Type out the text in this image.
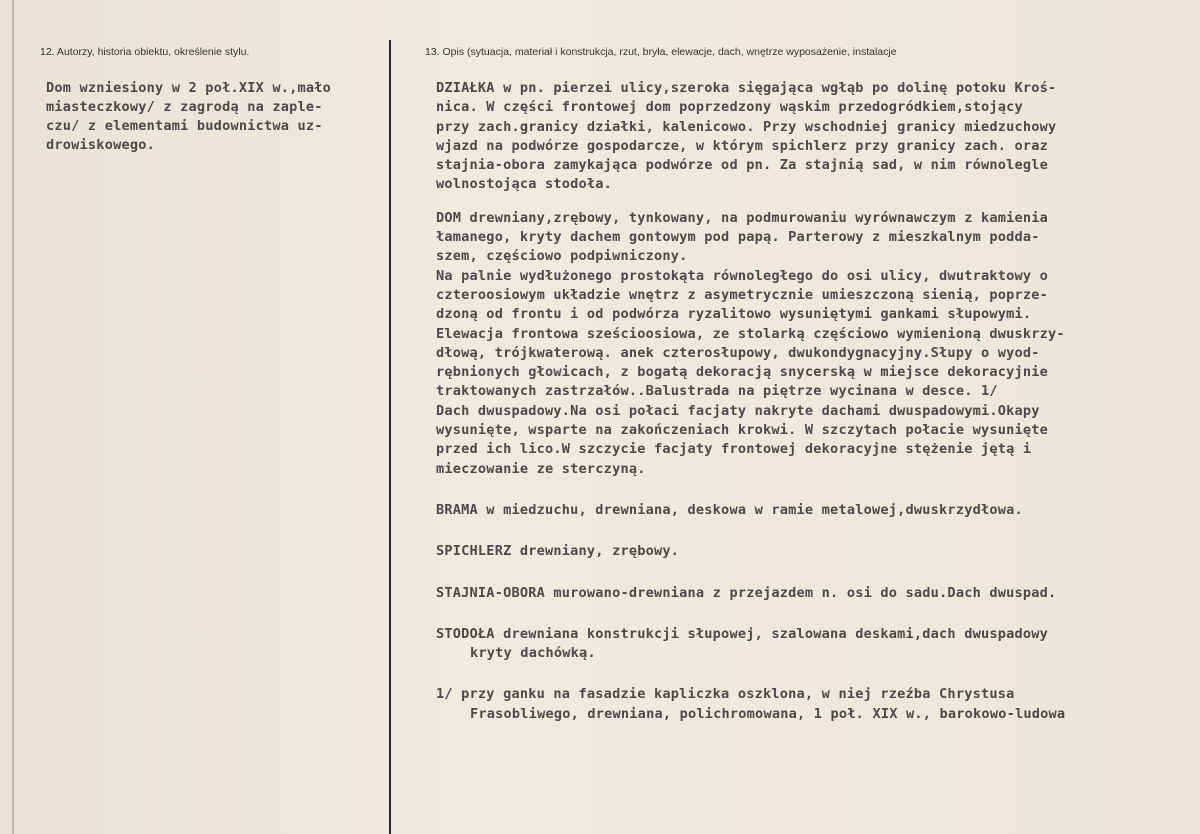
12. Autorzy, historia obiektu, określenie stylu.	13. Opis (sytuacja, materiał i konstrukcja, rzut, bryła, elewacje, dach, wnętrze wyposażenie, instalacje
Dom wzniesiony w 2 poł.XIX w.,mało
miasteczkowy/ z zagrodą na zaple-
czu/ z elementami budownictwa uz-
drowiskowego.
DZIAŁKA w pn. pierzei ulicy,szeroka sięgająca wgłąb po dolinę potoku Kroś-
nica. W części frontowej dom poprzedzony wąskim przedogródkiem,stojący
przy zach.granicy działki, kalenicowo. Przy wschodniej granicy miedzuchowy
wjazd na podwórze gospodarcze, w którym spichlerz przy granicy zach. oraz
stajnia-obora zamykająca podwórze od pn. Za stajnią sad, w nim równolegle
wolnostojąca stodoła.
DOM drewniany,zrębowy, tynkowany, na podmurowaniu wyrównawczym z kamienia
łamanego, kryty dachem gontowym pod papą. Parterowy z mieszkalnym podda-
szem, częściowo podpiwniczony.
Na palnie wydłużonego prostokąta równoległego do osi ulicy, dwutraktowy o
czteroosiowym układzie wnętrz z asymetrycznie umieszczoną sienią, poprze-
dzoną od frontu i od podwórza ryzalitowo wysuniętymi gankami słupowymi.
Elewacja frontowa sześcioosiowa, ze stolarką częściowo wymienioną dwuskrzy-
dłową, trójkwaterową. anek czterosłupowy, dwukondygnacyjny.Słupy o wyod-
rębnionych głowicach, z bogatą dekoracją snycerską w miejsce dekoracyjnie
traktowanych zastrzałów..Balustrada na piętrze wycinana w desce. 1/
Dach dwuspadowy.Na osi połaci facjaty nakryte dachami dwuspadowymi.Okapy
wysunięte, wsparte na zakończeniach krokwi. W szczytach połacie wysunięte
przed ich lico.W szczycie facjaty frontowej dekoracyjne stężenie jętą i
mieczowanie ze sterczyną.
BRAMA w miedzuchu, drewniana, deskowa w ramie metalowej,dwuskrzydłowa.
SPICHLERZ drewniany, zrębowy.
STAJNIA-OBORA murowano-drewniana z przejazdem n. osi do sadu.Dach dwuspad.
STODOŁA drewniana konstrukcji słupowej, szalowana deskami,dach dwuspadowy
kryty dachówką.
1/ przy ganku na fasadzie kapliczka oszklona, w niej rzeźba Chrystusa
Frasobliwego, drewniana, polichromowana, 1 poł. XIX w., barokowo-ludowa
